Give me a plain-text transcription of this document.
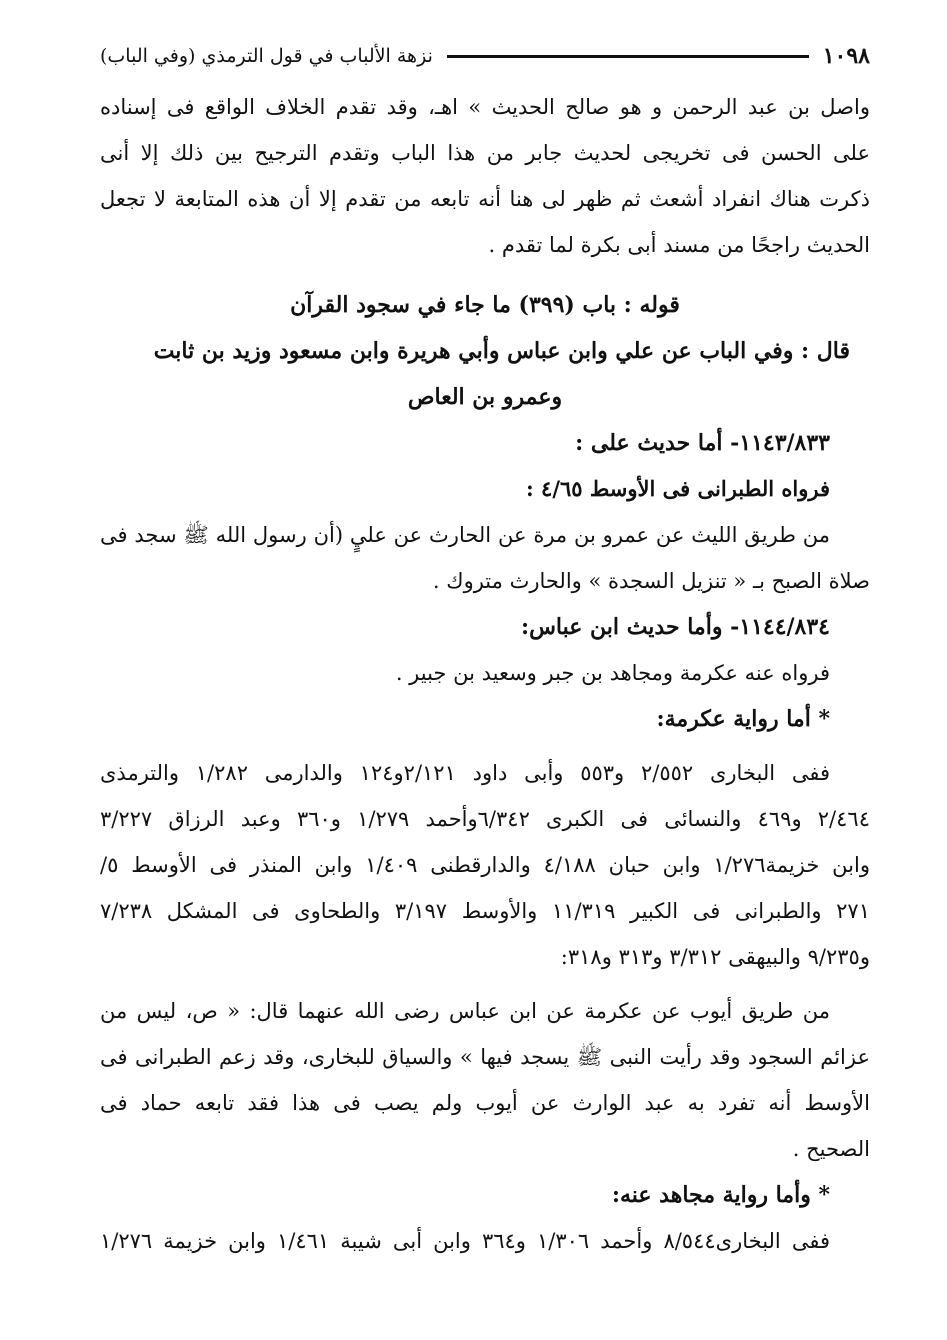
١٠٩٨
نزهة الألباب في قول الترمذي (وفي الباب)
واصل بن عبد الرحمن و هو صالح الحديث » اهـ، وقد تقدم الخلاف الواقع فى إسناده
على الحسن فى تخريجى لحديث جابر من هذا الباب وتقدم الترجيح بين ذلك إلا أنى
ذكرت هناك انفراد أشعث ثم ظهر لى هنا أنه تابعه من تقدم إلا أن هذه المتابعة لا تجعل
الحديث راجحًا من مسند أبى بكرة لما تقدم .
قوله : باب (٣٩٩) ما جاء في سجود القرآن
قال : وفي الباب عن علي وابن عباس وأبي هريرة وابن مسعود وزيد بن ثابت
وعمرو بن العاص
١١٤٣/٨٣٣- أما حديث على :
فرواه الطبرانى فى الأوسط ٤/٦٥ :
من طريق الليث عن عمرو بن مرة عن الحارث عن عليٍ (أن رسول الله ﷺ سجد فى
صلاة الصبح بـ « تنزيل السجدة » والحارث متروك .
١١٤٤/٨٣٤- وأما حديث ابن عباس:
فرواه عنه عكرمة ومجاهد بن جبر وسعيد بن جبير .
* أما رواية عكرمة:
ففى البخارى ٢/٥٥٢ و٥٥٣ وأبى داود ٢/١٢١و١٢٤ والدارمى ١/٢٨٢ والترمذى
٢/٤٦٤ و٤٦٩ والنسائى فى الكبرى ٦/٣٤٢وأحمد ١/٢٧٩ و٣٦٠ وعبد الرزاق ٣/٢٢٧
وابن خزيمة١/٢٧٦ وابن حبان ٤/١٨٨ والدارقطنى ١/٤٠٩ وابن المنذر فى الأوسط ٥/
٢٧١ والطبرانى فى الكبير ١١/٣١٩ والأوسط ٣/١٩٧ والطحاوى فى المشكل ٧/٢٣٨
و٩/٢٣٥ والبيهقى ٣/٣١٢ و٣١٣ و٣١٨:
من طريق أيوب عن عكرمة عن ابن عباس رضى الله عنهما قال: « ص، ليس من
عزائم السجود وقد رأيت النبى ﷺ يسجد فيها » والسياق للبخارى، وقد زعم الطبرانى فى
الأوسط أنه تفرد به عبد الوارث عن أيوب ولم يصب فى هذا فقد تابعه حماد فى
الصحيح .
* وأما رواية مجاهد عنه:
ففى البخارى٨/٥٤٤ وأحمد ١/٣٠٦ و٣٦٤ وابن أبى شيبة ١/٤٦١ وابن خزيمة ١/٢٧٦
